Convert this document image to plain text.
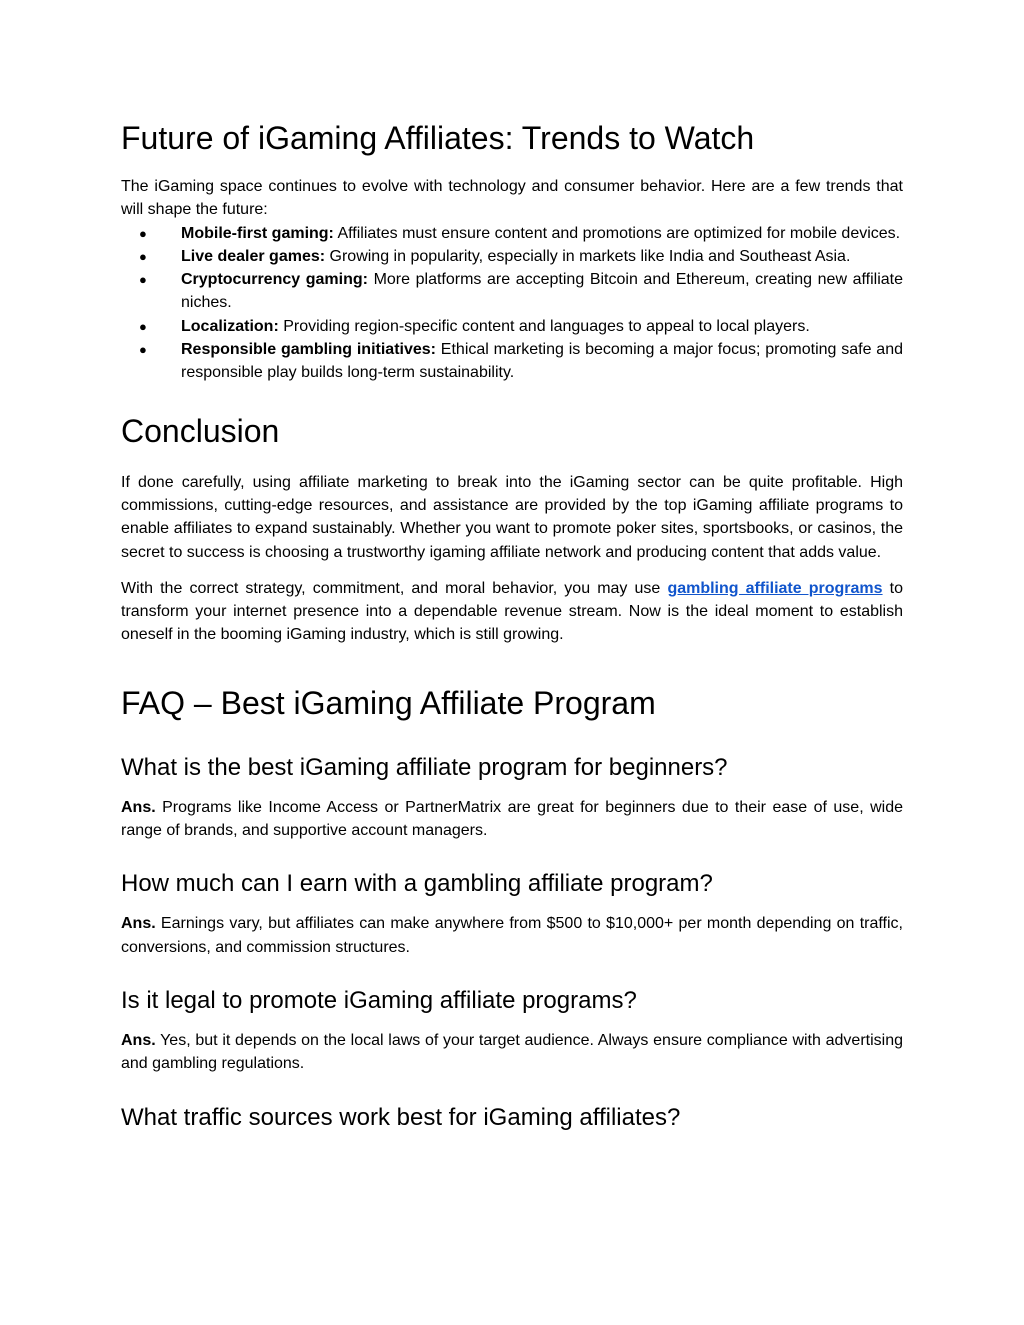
Future of iGaming Affiliates: Trends to Watch

The iGaming space continues to evolve with technology and consumer behavior. Here are a few trends that will shape the future:

● Mobile-first gaming: Affiliates must ensure content and promotions are optimized for mobile devices.
● Live dealer games: Growing in popularity, especially in markets like India and Southeast Asia.
● Cryptocurrency gaming: More platforms are accepting Bitcoin and Ethereum, creating new affiliate niches.
● Localization: Providing region-specific content and languages to appeal to local players.
● Responsible gambling initiatives: Ethical marketing is becoming a major focus; promoting safe and responsible play builds long-term sustainability.
Conclusion

If done carefully, using affiliate marketing to break into the iGaming sector can be quite profitable. High commissions, cutting-edge resources, and assistance are provided by the top iGaming affiliate programs to enable affiliates to expand sustainably. Whether you want to promote poker sites, sportsbooks, or casinos, the secret to success is choosing a trustworthy igaming affiliate network and producing content that adds value.

With the correct strategy, commitment, and moral behavior, you may use gambling affiliate programs to transform your internet presence into a dependable revenue stream. Now is the ideal moment to establish oneself in the booming iGaming industry, which is still growing.

FAQ – Best iGaming Affiliate Program
What is the best iGaming affiliate program for beginners?

Ans. Programs like Income Access or PartnerMatrix are great for beginners due to their ease of use, wide range of brands, and supportive account managers.

How much can I earn with a gambling affiliate program?

Ans. Earnings vary, but affiliates can make anywhere from $500 to $10,000+ per month depending on traffic, conversions, and commission structures.

Is it legal to promote iGaming affiliate programs?

Ans. Yes, but it depends on the local laws of your target audience. Always ensure compliance with advertising and gambling regulations.

What traffic sources work best for iGaming affiliates?
